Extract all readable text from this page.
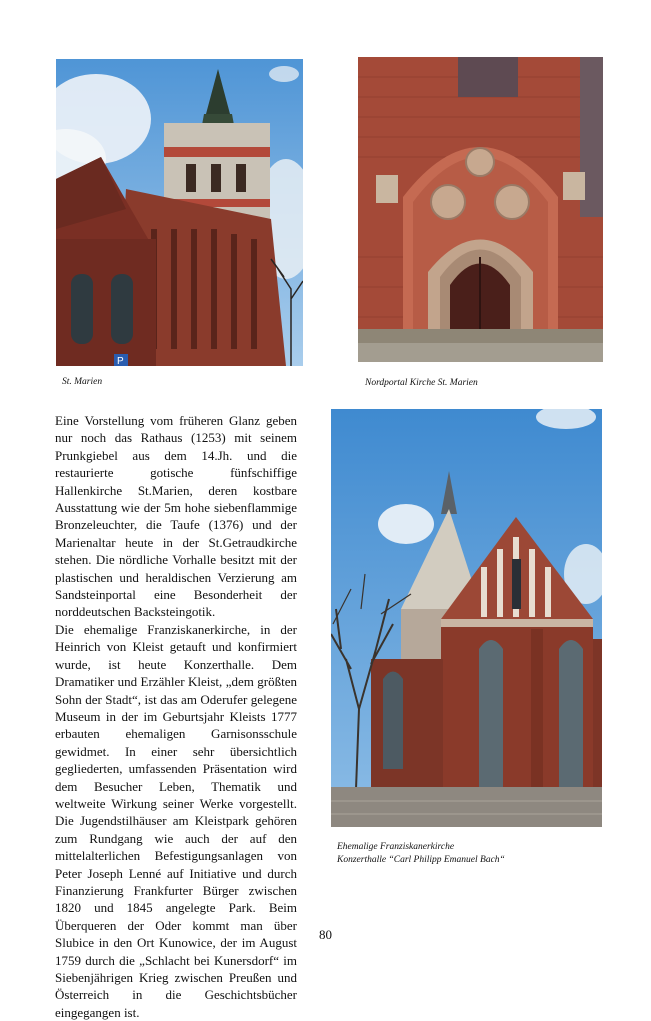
P
St. Marien	Nordportal Kirche St. Marien
Ehemalige Franziskanerkirche
Konzerthalle “Carl Philipp Emanuel Bach“

Eine Vorstellung vom früheren Glanz geben nur noch das Rathaus (1253) mit seinem Prunkgiebel aus dem 14.Jh. und die restaurierte gotische fünfschiffige Hallenkirche St.Marien, deren kostbare Ausstattung wie der 5m hohe siebenflammige Bronzeleuchter, die Taufe (1376) und der Marienaltar heute in der St.Getraudkirche stehen. Die nördliche Vorhalle besitzt mit der plastischen und heraldischen Verzierung am Sandsteinportal eine Besonderheit der norddeutschen Backsteingotik.

Die ehemalige Franziskanerkirche, in der Heinrich von Kleist getauft und konfirmiert wurde, ist heute Konzerthalle. Dem Dramatiker und Erzähler Kleist, „dem größten Sohn der Stadt“, ist das am Oderufer gelegene Museum in der im Geburtsjahr Kleists 1777 erbauten ehemaligen Garnisonsschule gewidmet. In einer sehr übersichtlich gegliederten, umfassenden Präsentation wird dem Besucher Leben, Thematik und weltweite Wirkung seiner Werke vorgestellt. Die Jugendstilhäuser am Kleistpark gehören zum Rundgang wie auch der auf den mittelalterlichen Befestigungsanlagen von Peter Joseph Lenné auf Initiative und durch Finanzierung Frankfurter Bürger zwischen 1820 und 1845 angelegte Park. Beim Überqueren der Oder kommt man über Slubice in den Ort Kunowice, der im August 1759 durch die „Schlacht bei Kunersdorf“ im Siebenjährigen Krieg zwischen Preußen und Österreich in die Geschichtsbücher eingegangen ist.

80
